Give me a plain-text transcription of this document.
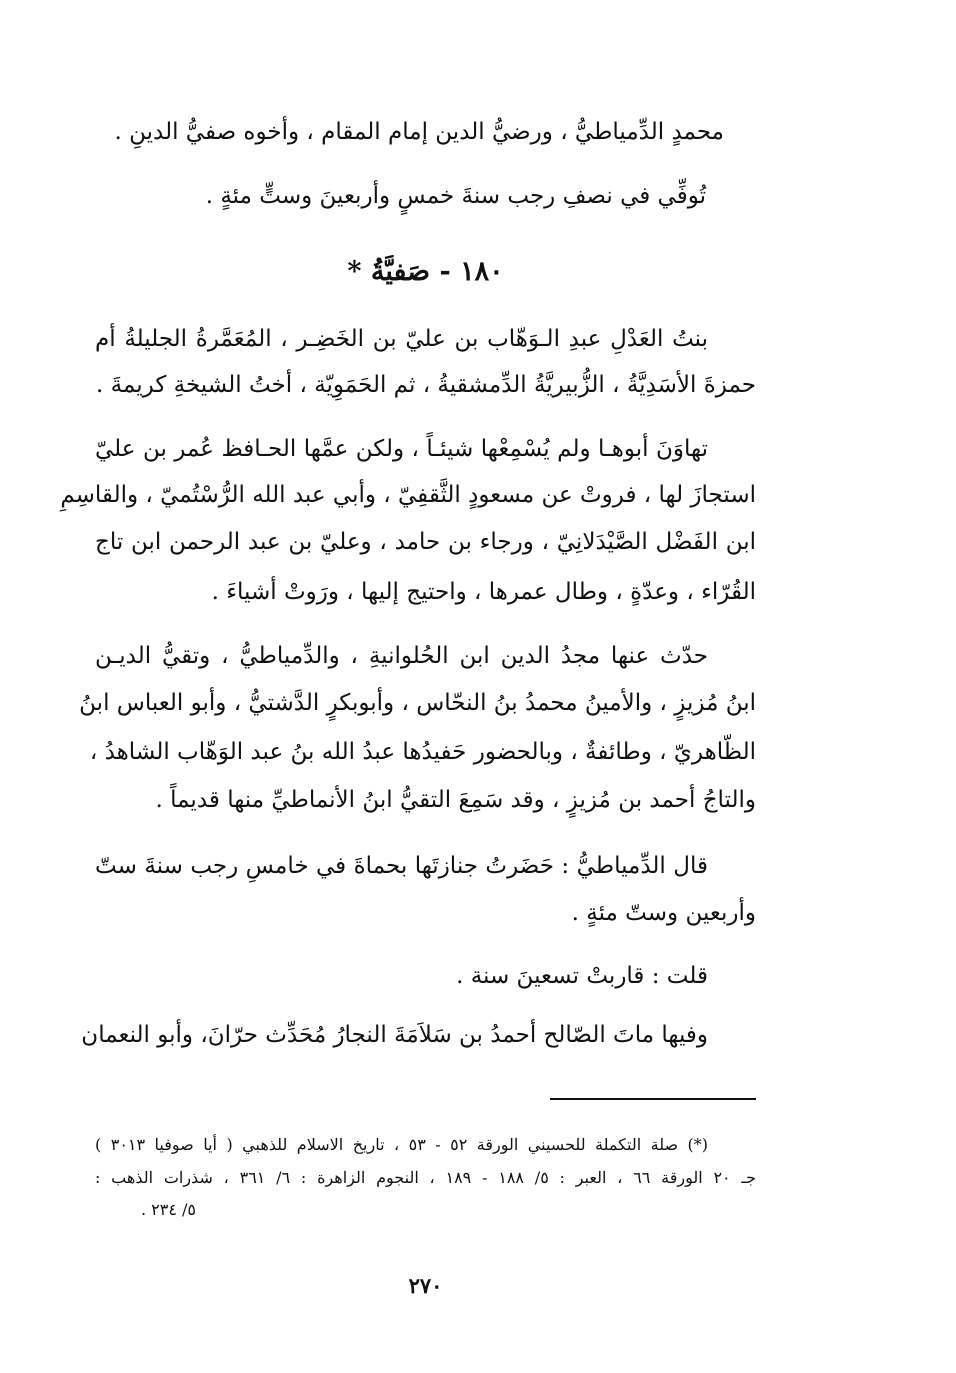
محمدٍ الدِّمياطيُّ ، ورضيُّ الدين إمام المقام ، وأخوه صفيُّ الدينِ .
تُوفِّي في نصفِ رجب سنةَ خمسٍ وأربعينَ وستٍّ مئةٍ .
١٨٠ - صَفيَّةُ *
بنتُ العَدْلِ عبدِ الـوَهّاب بن عليّ بن الخَضِـر ، المُعَمَّرةُ الجليلةُ أم
حمزةَ الأسَدِيَّةُ ، الزُّبيريَّةُ الدِّمشقيةُ ، ثم الحَمَوِيّة ، أختُ الشيخةِ كريمةَ .
تهاوَنَ أبوهـا ولم يُسْمِعْها شيئـاً ، ولكن عمَّها الحـافظ عُمر بن عليّ
استجازَ لها ، فروتْ عن مسعودٍ الثَّقفِيّ ، وأبي عبد الله الرُّسْتُميّ ، والقاسِمِ
ابن الفَضْل الصَّيْدَلانِيّ ، ورجاء بن حامد ، وعليّ بن عبد الرحمن ابن تاج
القُرّاء ، وعدّةٍ ، وطال عمرها ، واحتيج إليها ، ورَوتْ أشياءَ .
حدّث عنها مجدُ الدين ابن الحُلوانيةِ ، والدِّمياطيُّ ، وتقيُّ الديـن
ابنُ مُزيزٍ ، والأمينُ محمدُ بنُ النحّاس ، وأبوبكرٍ الدَّشتيُّ ، وأبو العباس ابنُ
الظّاهريّ ، وطائفةٌ ، وبالحضور حَفيدُها عبدُ الله بنُ عبد الوَهّاب الشاهدُ ،
والتاجُ أحمد بن مُزيزٍ ، وقد سَمِعَ التقيُّ ابنُ الأنماطيِّ منها قديماً .
قال الدِّمياطيُّ : حَضَرتُ جنازتَها بحماةَ في خامسِ رجب سنةَ ستّ
وأربعين وستّ مئةٍ .
قلت : قاربتْ تسعينَ سنة .
وفيها ماتَ الصّالح أحمدُ بن سَلاَمَةَ النجارُ مُحَدِّث حرّانَ، وأبو النعمان
(*) صلة التكملة للحسيني الورقة ٥٢ - ٥٣ ، تاريخ الاسلام للذهبي ( أيا صوفيا ٣٠١٣ )
جـ ٢٠ الورقة ٦٦ ، العبر : ٥/ ١٨٨ - ١٨٩ ، النجوم الزاهرة : ٦/ ٣٦١ ، شذرات الذهب :
٥/ ٢٣٤ .
٢٧٠
